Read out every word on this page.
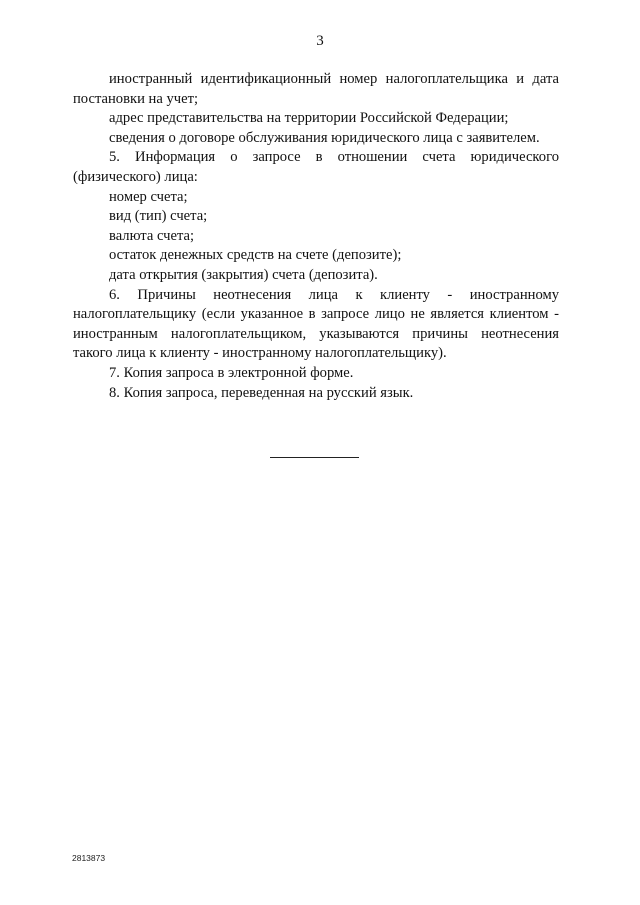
3

иностранный идентификационный номер налогоплательщика и дата постановки на учет;

адрес представительства на территории Российской Федерации;

сведения о договоре обслуживания юридического лица с заявителем.

5. Информация о запросе в отношении счета юридического (физического) лица:

номер счета;

вид (тип) счета;

валюта счета;

остаток денежных средств на счете (депозите);

дата открытия (закрытия) счета (депозита).

6. Причины неотнесения лица к клиенту - иностранному налогоплательщику (если указанное в запросе лицо не является клиентом - иностранным налогоплательщиком, указываются причины неотнесения такого лица к клиенту - иностранному налогоплательщику).

7. Копия запроса в электронной форме.

8. Копия запроса, переведенная на русский язык.

2813873
